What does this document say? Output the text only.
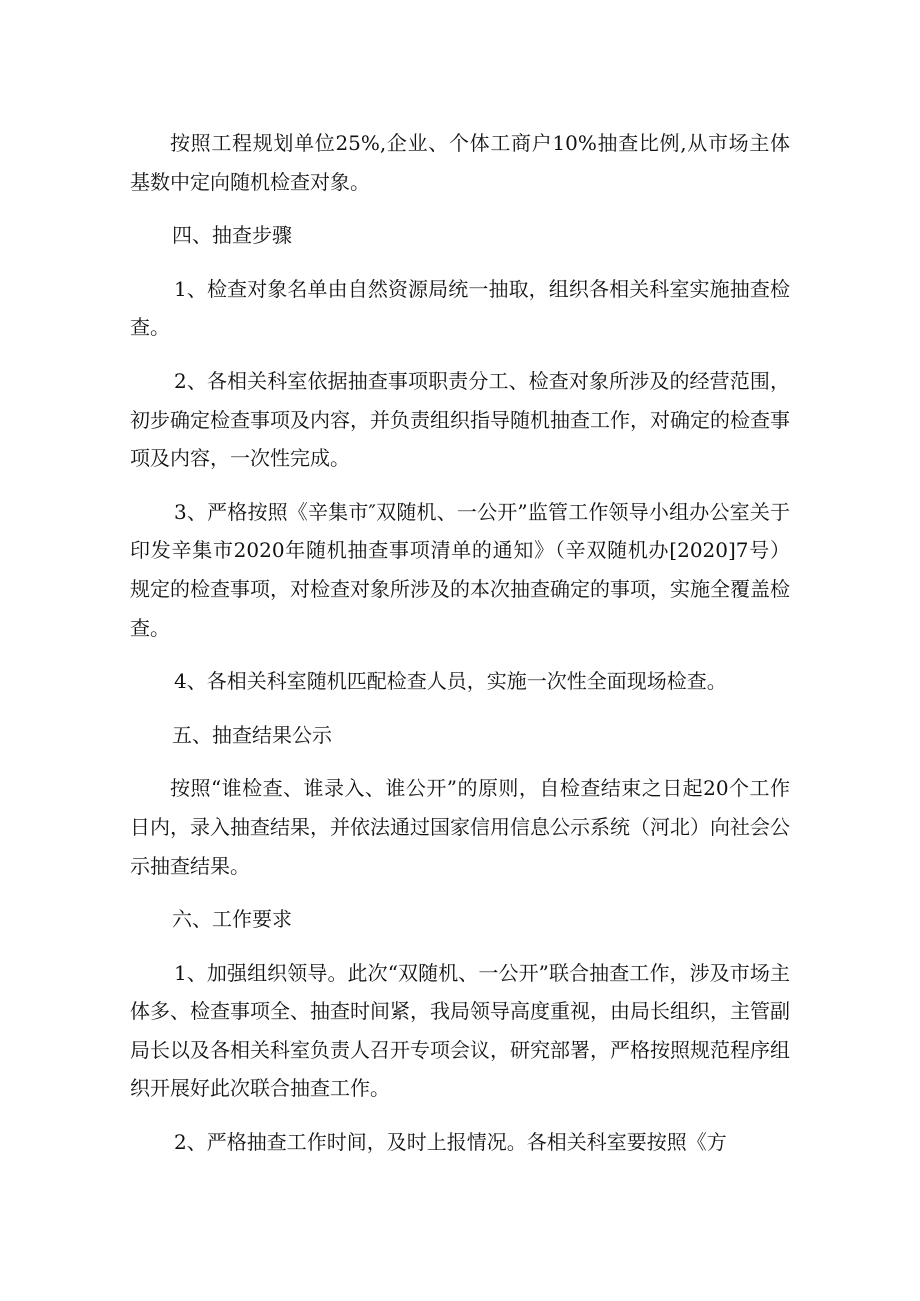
按照工程规划单位25%,企业、个体工商户10%抽查比例,从市场主体基数中定向随机检查对象。

四、抽查步骤

1、检查对象名单由自然资源局统一抽取，组织各相关科室实施抽查检查。

2、各相关科室依据抽查事项职责分工、检查对象所涉及的经营范围，初步确定检查事项及内容，并负责组织指导随机抽查工作，对确定的检查事项及内容，一次性完成。

3、严格按照《辛集市″双随机、一公开”监管工作领导小组办公室关于印发辛集市2020年随机抽查事项清单的通知》（辛双随机办[2020]7号）规定的检查事项，对检查对象所涉及的本次抽查确定的事项，实施全覆盖检查。

4、各相关科室随机匹配检查人员，实施一次性全面现场检查。

五、抽查结果公示

按照“谁检查、谁录入、谁公开”的原则，自检查结束之日起20个工作日内，录入抽查结果，并依法通过国家信用信息公示系统（河北）向社会公示抽查结果。

六、工作要求

1、加强组织领导。此次“双随机、一公开”联合抽查工作，涉及市场主体多、检查事项全、抽查时间紧，我局领导高度重视，由局长组织，主管副局长以及各相关科室负责人召开专项会议，研究部署，严格按照规范程序组织开展好此次联合抽查工作。

2、严格抽查工作时间，及时上报情况。各相关科室要按照《方
